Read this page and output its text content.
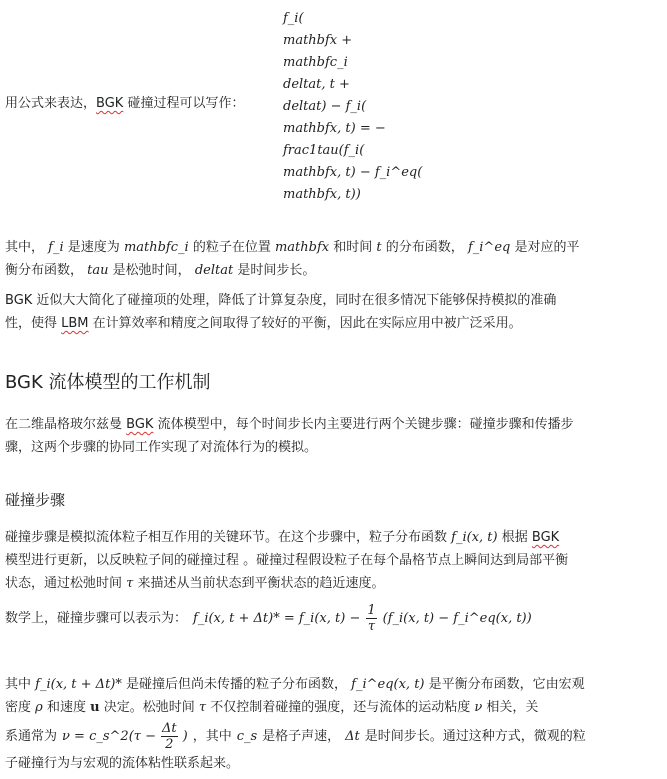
用公式来表达，BGK 碰撞过程可以写作：
f_i(
mathbfx +
mathbfc_i
deltat, t +
deltat) − f_i(
mathbfx, t) = −
frac1tau(f_i(
mathbfx, t) − f_i^eq(
mathbfx, t))
其中， f_i 是速度为 mathbfc_i 的粒子在位置 mathbfx 和时间 t 的分布函数， f_i^eq 是对应的平
衡分布函数， tau 是松弛时间， deltat 是时间步长。
BGK 近似大大简化了碰撞项的处理，降低了计算复杂度，同时在很多情况下能够保持模拟的准确
性，使得 LBM 在计算效率和精度之间取得了较好的平衡，因此在实际应用中被广泛采用。
BGK 流体模型的工作机制
在二维晶格玻尔兹曼 BGK 流体模型中，每个时间步长内主要进行两个关键步骤：碰撞步骤和传播步
骤，这两个步骤的协同工作实现了对流体行为的模拟。
碰撞步骤
碰撞步骤是模拟流体粒子相互作用的关键环节。在这个步骤中，粒子分布函数 f_i(x, t) 根据 BGK
模型进行更新，以反映粒子间的碰撞过程 。碰撞过程假设粒子在每个晶格节点上瞬间达到局部平衡
状态，通过松弛时间 τ 来描述从当前状态到平衡状态的趋近速度。
数学上，碰撞步骤可以表示为： f_i(x, t + Δt)* = f_i(x, $t) - \frac{1}{\tau}$ (f_i(x, t) − f_i^eq(x, t))
其中 f_i(x, t + Δt)* 是碰撞后但尚未传播的粒子分布函数， f_i^eq(x, t) 是平衡分布函数，它由宏观
密度 ρ 和速度 u 决定。松弛时间 τ 不仅控制着碰撞的强度，还与流体的运动粘度 ν 相关，关
系通常为 ν = c_s^2(τ − $\frac{\Delta t}{2}$ ) ，其中 c_s 是格子声速， Δt 是时间步长。通过这种方式，微观的粒
子碰撞行为与宏观的流体粘性联系起来。
